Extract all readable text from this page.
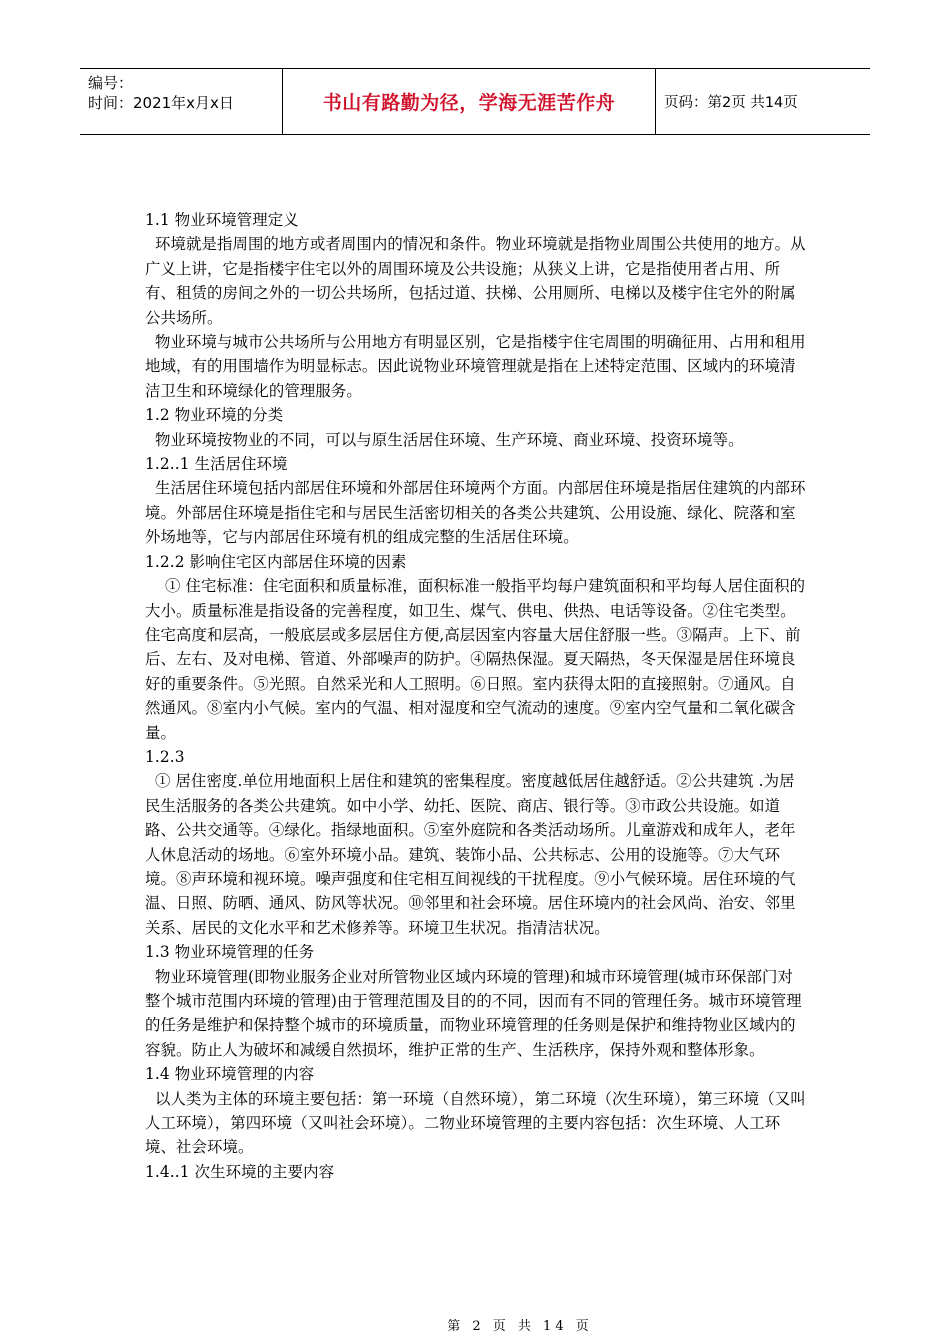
编号：
时间：2021年x月x日	书山有路勤为径，学海无涯苦作舟	页码：第2页 共14页

1.1 物业环境管理定义

环境就是指周围的地方或者周围内的情况和条件。物业环境就是指物业周围公共使用的地方。从广义上讲，它是指楼宇住宅以外的周围环境及公共设施；从狭义上讲，它是指使用者占用、所有、租赁的房间之外的一切公共场所，包括过道、扶梯、公用厕所、电梯以及楼宇住宅外的附属公共场所。

物业环境与城市公共场所与公用地方有明显区别，它是指楼宇住宅周围的明确征用、占用和租用地域，有的用围墙作为明显标志。因此说物业环境管理就是指在上述特定范围、区域内的环境清洁卫生和环境绿化的管理服务。

1.2 物业环境的分类

物业环境按物业的不同，可以与原生活居住环境、生产环境、商业环境、投资环境等。

1.2..1 生活居住环境

生活居住环境包括内部居住环境和外部居住环境两个方面。内部居住环境是指居住建筑的内部环境。外部居住环境是指住宅和与居民生活密切相关的各类公共建筑、公用设施、绿化、院落和室外场地等，它与内部居住环境有机的组成完整的生活居住环境。

1.2.2 影响住宅区内部居住环境的因素

① 住宅标准：住宅面积和质量标准，面积标准一般指平均每户建筑面积和平均每人居住面积的大小。质量标准是指设备的完善程度，如卫生、煤气、供电、供热、电话等设备。②住宅类型。住宅高度和层高，一般底层或多层居住方便,高层因室内容量大居住舒服一些。③隔声。上下、前后、左右、及对电梯、管道、外部噪声的防护。④隔热保湿。夏天隔热，冬天保湿是居住环境良好的重要条件。⑤光照。自然采光和人工照明。⑥日照。室内获得太阳的直接照射。⑦通风。自然通风。⑧室内小气候。室内的气温、相对湿度和空气流动的速度。⑨室内空气量和二氧化碳含量。

1.2.3

① 居住密度.单位用地面积上居住和建筑的密集程度。密度越低居住越舒适。②公共建筑 .为居民生活服务的各类公共建筑。如中小学、幼托、医院、商店、银行等。③市政公共设施。如道路、公共交通等。④绿化。指绿地面积。⑤室外庭院和各类活动场所。儿童游戏和成年人，老年人休息活动的场地。⑥室外环境小品。建筑、装饰小品、公共标志、公用的设施等。⑦大气环境。⑧声环境和视环境。噪声强度和住宅相互间视线的干扰程度。⑨小气候环境。居住环境的气温、日照、防晒、通风、防风等状况。⑩邻里和社会环境。居住环境内的社会风尚、治安、邻里关系、居民的文化水平和艺术修养等。环境卫生状况。指清洁状况。

1.3 物业环境管理的任务

物业环境管理(即物业服务企业对所管物业区域内环境的管理)和城市环境管理(城市环保部门对整个城市范围内环境的管理)由于管理范围及目的的不同，因而有不同的管理任务。城市环境管理的任务是维护和保持整个城市的环境质量，而物业环境管理的任务则是保护和维持物业区域内的容貌。防止人为破坏和减缓自然损坏，维护正常的生产、生活秩序，保持外观和整体形象。

1.4 物业环境管理的内容

以人类为主体的环境主要包括：第一环境（自然环境），第二环境（次生环境），第三环境（又叫人工环境），第四环境（又叫社会环境）。二物业环境管理的主要内容包括：次生环境、人工环境、社会环境。

1.4..1 次生环境的主要内容

第 2 页 共 14 页
